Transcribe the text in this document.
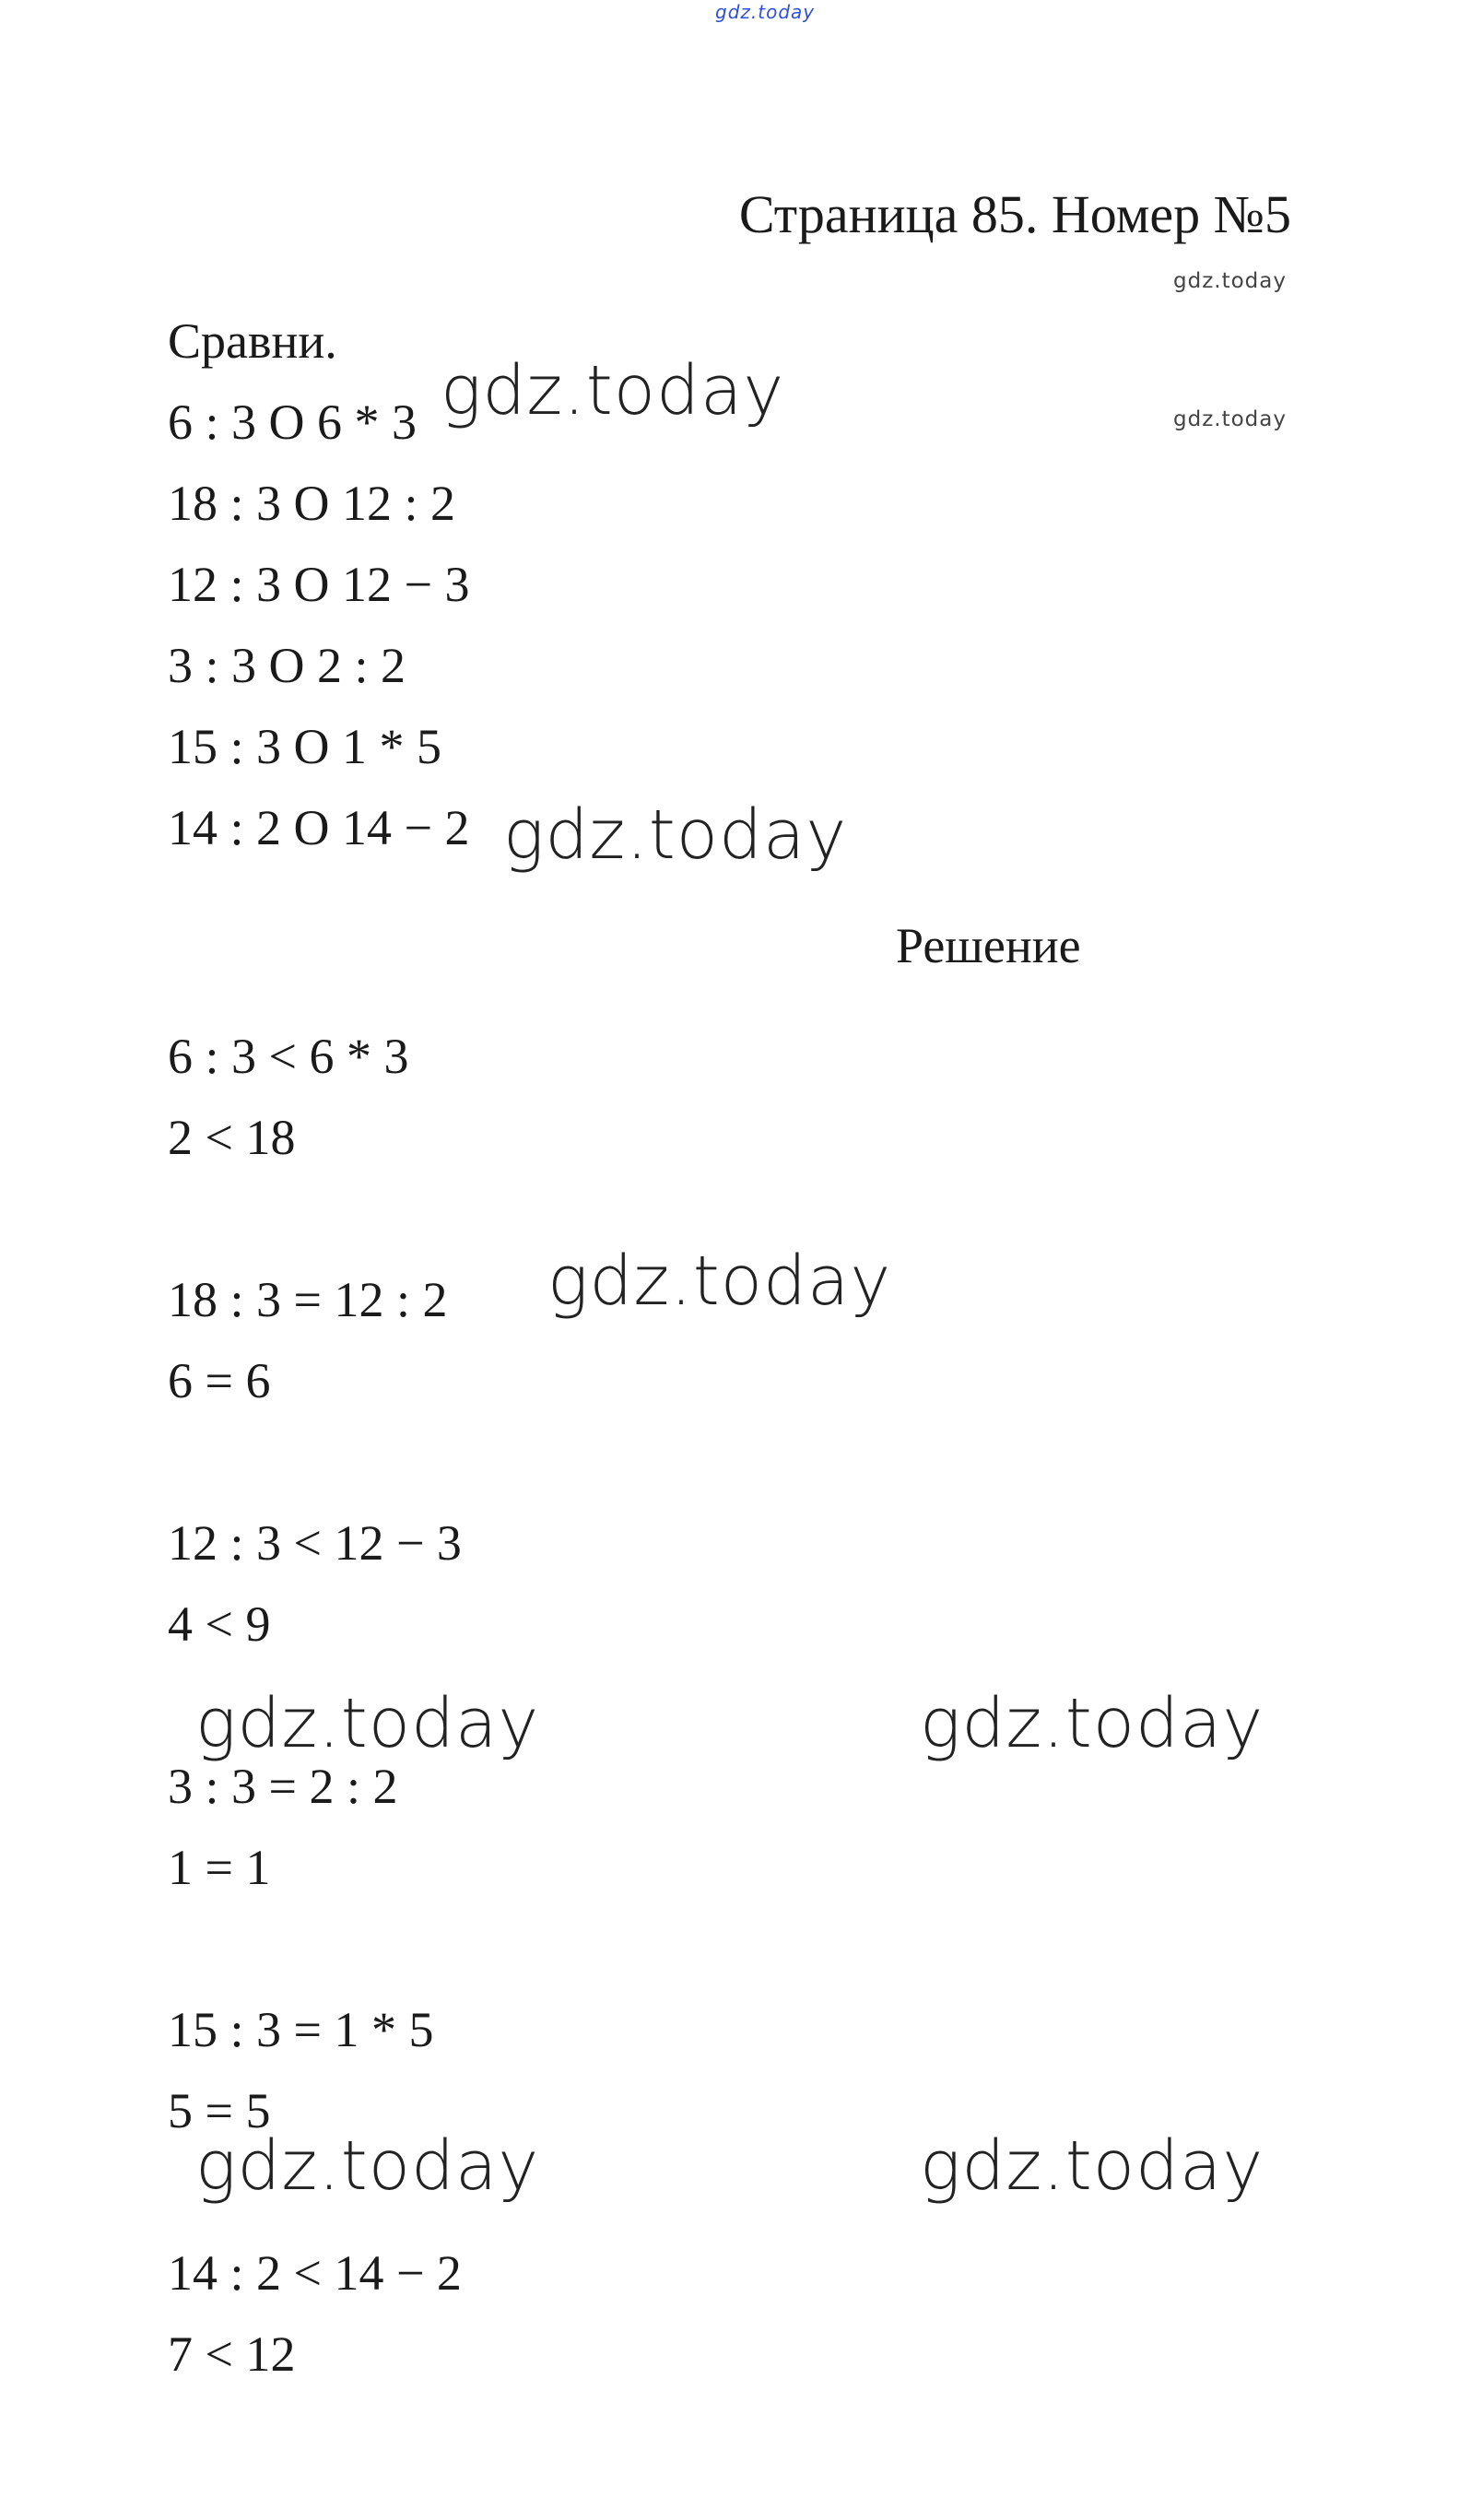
gdz.today
Страница 85. Номер №5
gdz.today
gdz.today
Сравни.
6 : 3 O 6 * 3
18 : 3 O 12 : 2
12 : 3 O 12 − 3
3 : 3 O 2 : 2
15 : 3 O 1 * 5
14 : 2 O 14 − 2
gdz.today
gdz.today
Решение
6 : 3 < 6 * 3
2 < 18
18 : 3 = 12 : 2
6 = 6
12 : 3 < 12 − 3
4 < 9
3 : 3 = 2 : 2
1 = 1
15 : 3 = 1 * 5
5 = 5
14 : 2 < 14 − 2
7 < 12
gdz.today
gdz.today	gdz.today
gdz.today	gdz.today
